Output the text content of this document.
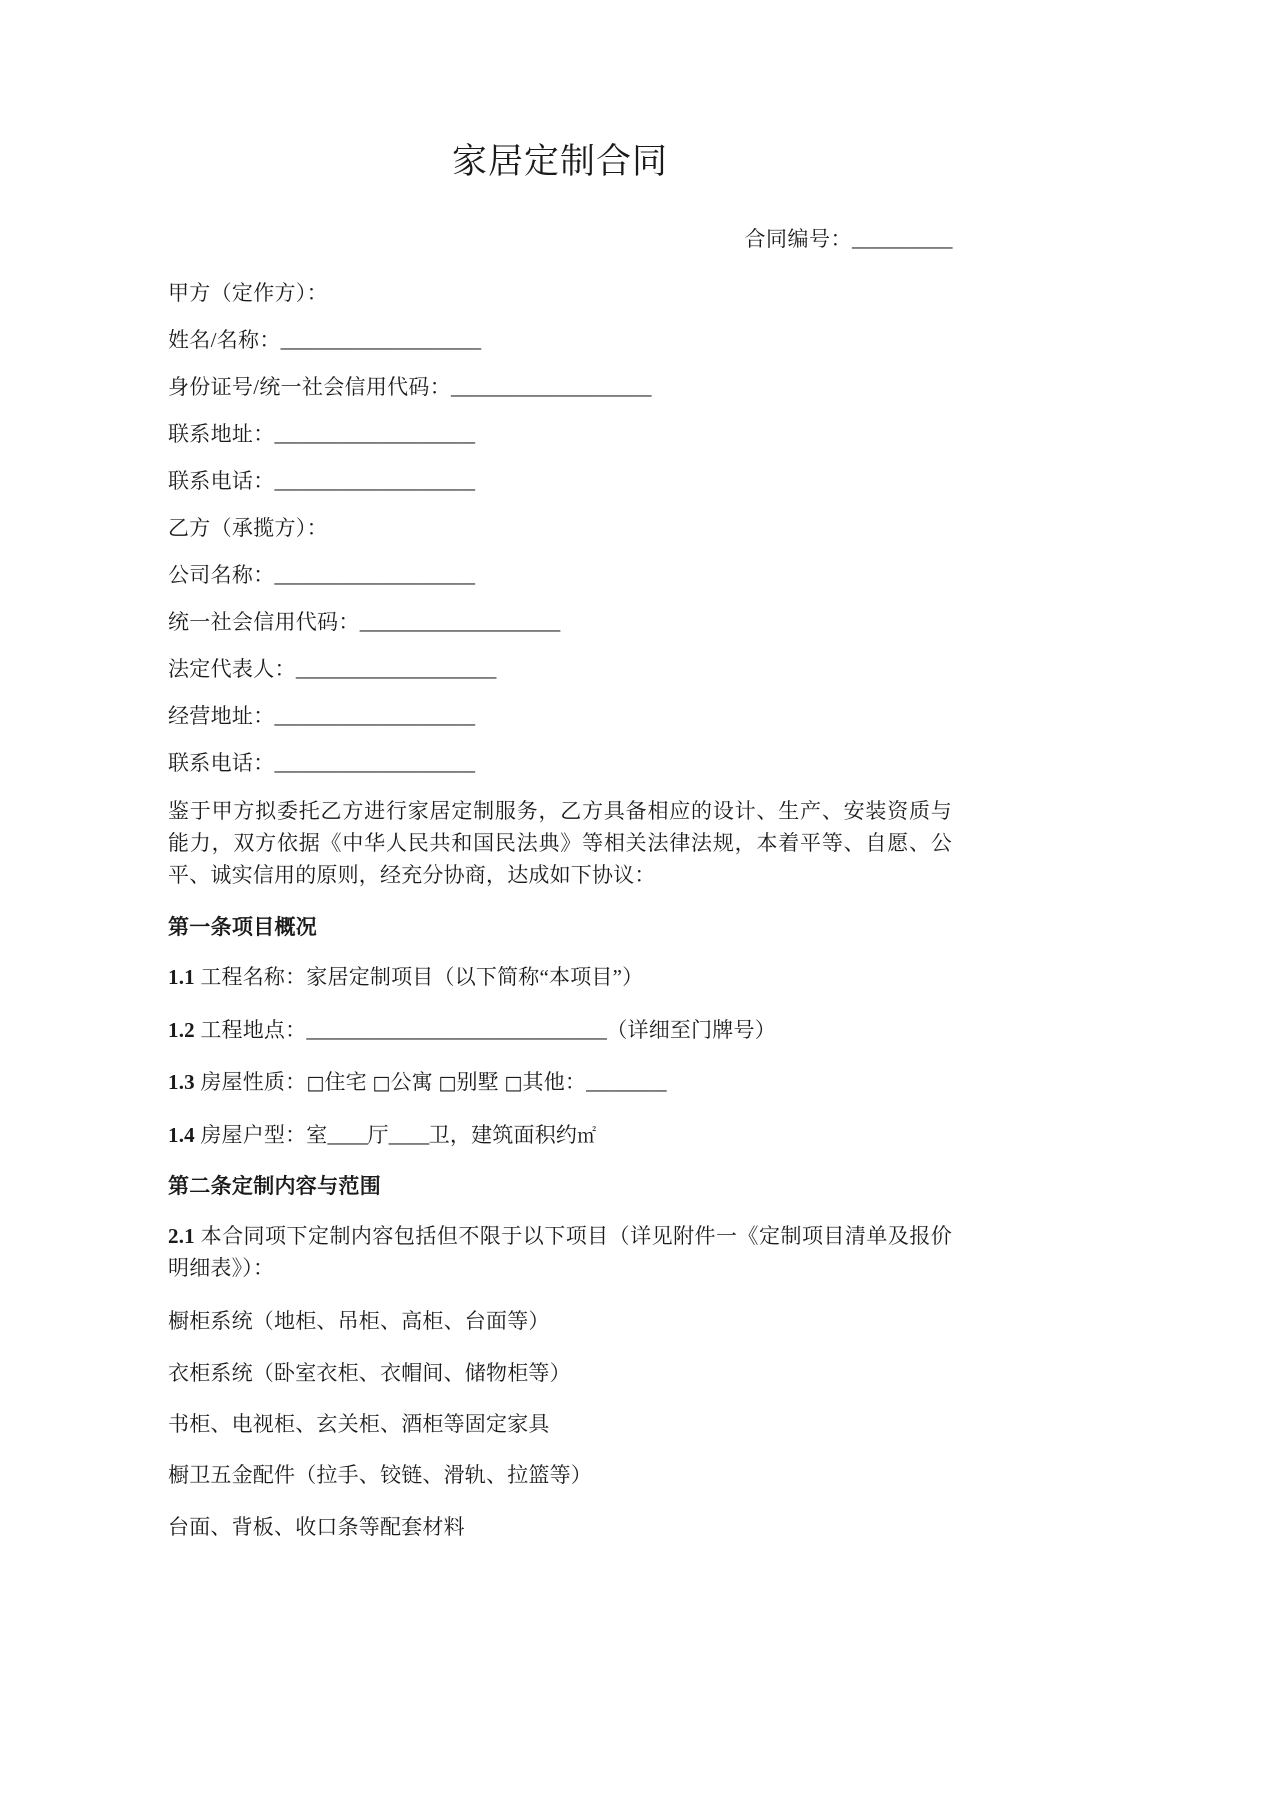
家居定制合同
合同编号：__________
甲方（定作方）：
姓名/名称：____________________
身份证号/统一社会信用代码：____________________
联系地址：____________________
联系电话：____________________
乙方（承揽方）：
公司名称：____________________
统一社会信用代码：____________________
法定代表人：____________________
经营地址：____________________
联系电话：____________________

鉴于甲方拟委托乙方进行家居定制服务，乙方具备相应的设计、生产、安装资质与能力，双方依据《中华人民共和国民法典》等相关法律法规，本着平等、自愿、公平、诚实信用的原则，经充分协商，达成如下协议：

第一条项目概况
1.1 工程名称：家居定制项目（以下简称“本项目”）
1.2 工程地点：______________________________（详细至门牌号）
1.3 房屋性质：□住宅 □公寓 □别墅 □其他：________
1.4 房屋户型：室____厅____卫，建筑面积约㎡
第二条定制内容与范围
2.1 本合同项下定制内容包括但不限于以下项目（详见附件一《定制项目清单及报价明细表》）：
橱柜系统（地柜、吊柜、高柜、台面等）
衣柜系统（卧室衣柜、衣帽间、储物柜等）
书柜、电视柜、玄关柜、酒柜等固定家具
橱卫五金配件（拉手、铰链、滑轨、拉篮等）
台面、背板、收口条等配套材料
